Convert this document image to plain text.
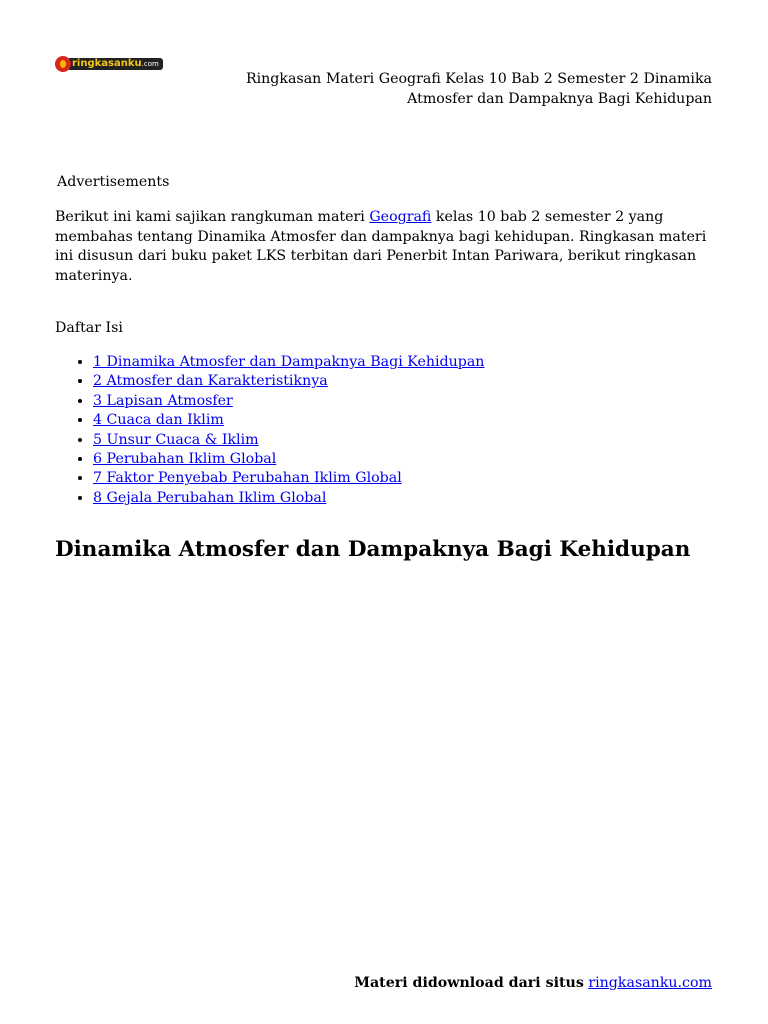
ringkasanku.com
Ringkasan Materi Geografi Kelas 10 Bab 2 Semester 2 Dinamika
Atmosfer dan Dampaknya Bagi Kehidupan
Advertisements

Berikut ini kami sajikan rangkuman materi Geografi kelas 10 bab 2 semester 2 yang membahas tentang Dinamika Atmosfer dan dampaknya bagi kehidupan. Ringkasan materi ini disusun dari buku paket LKS terbitan dari Penerbit Intan Pariwara, berikut ringkasan materinya.

Daftar Isi
• 1 Dinamika Atmosfer dan Dampaknya Bagi Kehidupan
• 2 Atmosfer dan Karakteristiknya
• 3 Lapisan Atmosfer
• 4 Cuaca dan Iklim
• 5 Unsur Cuaca & Iklim
• 6 Perubahan Iklim Global
• 7 Faktor Penyebab Perubahan Iklim Global
• 8 Gejala Perubahan Iklim Global
Dinamika Atmosfer dan Dampaknya Bagi Kehidupan
Materi didownload dari situs ringkasanku.com
